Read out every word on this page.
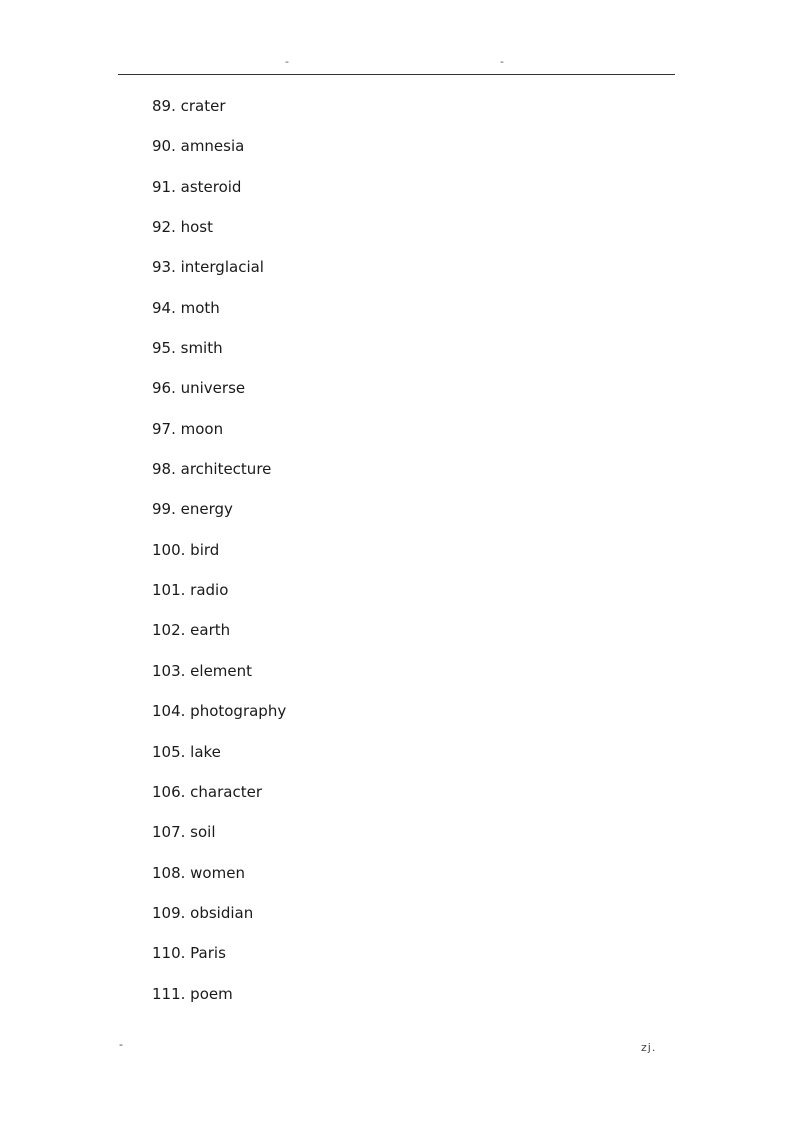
-	-
89. crater
90. amnesia
91. asteroid
92. host
93. interglacial
94. moth
95. smith
96. universe
97. moon
98. architecture
99. energy
100. bird
101. radio
102. earth
103. element
104. photography
105. lake
106. character
107. soil
108. women
109. obsidian
110. Paris
111. poem
-	zj.
